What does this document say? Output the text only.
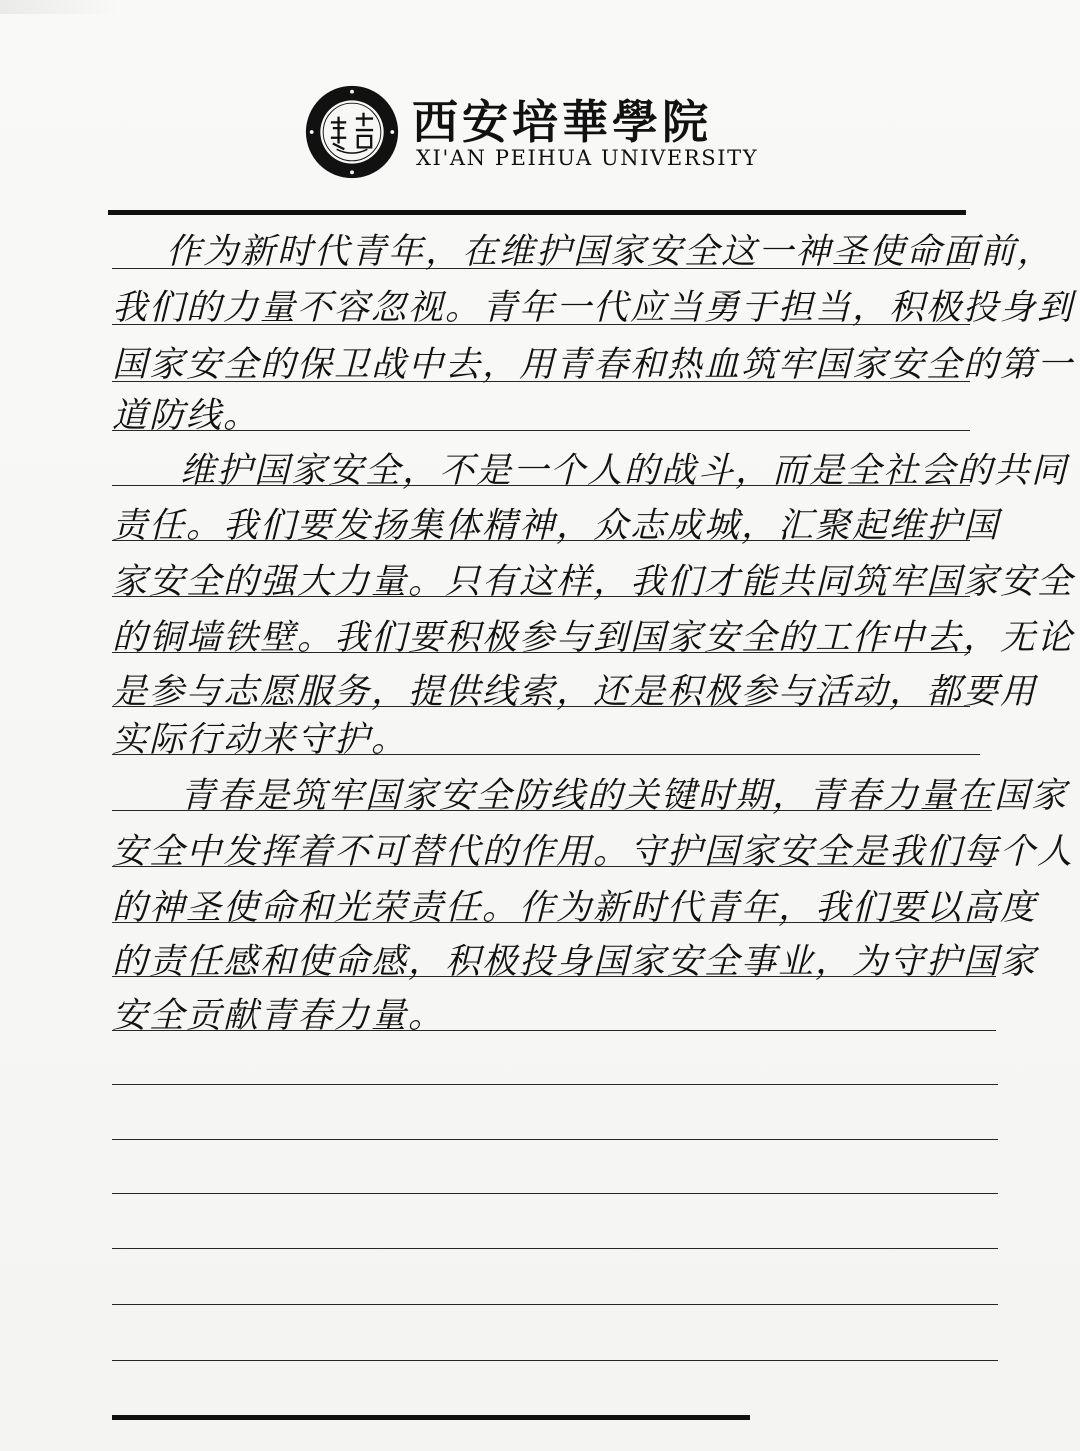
西安培華學院
XI'AN PEIHUA UNIVERSITY
作为新时代青年，在维护国家安全这一神圣使命面前，
我们的力量不容忽视。青年一代应当勇于担当，积极投身到
国家安全的保卫战中去，用青春和热血筑牢国家安全的第一
道防线。
维护国家安全，不是一个人的战斗，而是全社会的共同
责任。我们要发扬集体精神，众志成城，汇聚起维护国
家安全的强大力量。只有这样，我们才能共同筑牢国家安全
的铜墙铁壁。我们要积极参与到国家安全的工作中去，无论
是参与志愿服务，提供线索，还是积极参与活动，都要用
实际行动来守护。
青春是筑牢国家安全防线的关键时期，青春力量在国家
安全中发挥着不可替代的作用。守护国家安全是我们每个人
的神圣使命和光荣责任。作为新时代青年，我们要以高度
的责任感和使命感，积极投身国家安全事业，为守护国家
安全贡献青春力量。
